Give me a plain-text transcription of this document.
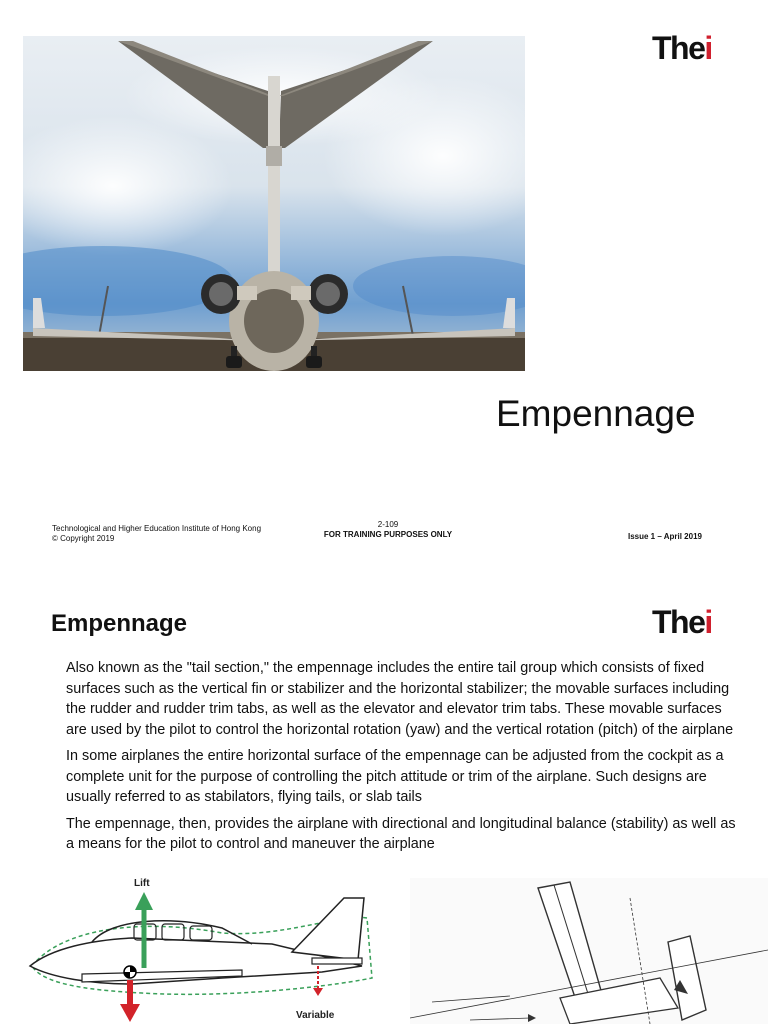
Thei
Empennage
Technological and Higher Education Institute of Hong Kong
© Copyright 2019
2-109
FOR TRAINING PURPOSES ONLY	Issue 1 – April 2019
Empennage	Thei

Also known as the "tail section," the empennage includes the entire tail group which consists of fixed surfaces such as the vertical fin or stabilizer and the horizontal stabilizer; the movable surfaces including the rudder and rudder trim tabs, as well as the elevator and elevator trim tabs. These movable surfaces are used by the pilot to control the horizontal rotation (yaw) and the vertical rotation (pitch) of the airplane

In some airplanes the entire horizontal surface of the empennage can be adjusted from the cockpit as a complete unit for the purpose of controlling the pitch attitude or trim of the airplane. Such designs are usually referred to as stabilators, flying tails, or slab tails

The empennage, then, provides the airplane with directional and longitudinal balance (stability) as well as a means for the pilot to control and maneuver the airplane

Lift
Variable
